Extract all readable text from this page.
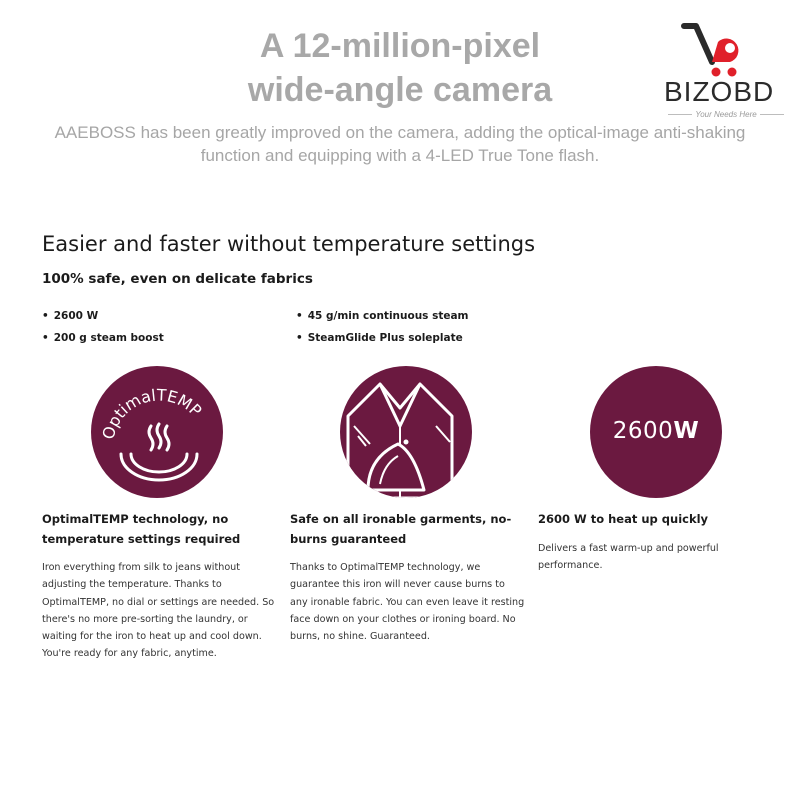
A 12-million-pixel
wide-angle camera
AAEBOSS has been greatly improved on the camera, adding the optical-image anti-shaking function and equipping with a 4-LED True Tone flash.
BIZOBD
Your Needs Here
Easier and faster without temperature settings
100% safe, even on delicate fabrics
• 2600 W
• 200 g steam boost
• 45 g/min continuous steam
• SteamGlide Plus soleplate
OptimalTEMP
OptimalTEMP technology, no temperature settings required
Iron everything from silk to jeans without adjusting the temperature. Thanks to OptimalTEMP, no dial or settings are needed. So there's no more pre-sorting the laundry, or waiting for the iron to heat up and cool down. You're ready for any fabric, anytime.
Safe on all ironable garments, no-burns guaranteed
Thanks to OptimalTEMP technology, we guarantee this iron will never cause burns to any ironable fabric. You can even leave it resting face down on your clothes or ironing board. No burns, no shine. Guaranteed.
2600W
2600 W to heat up quickly
Delivers a fast warm-up and powerful performance.
